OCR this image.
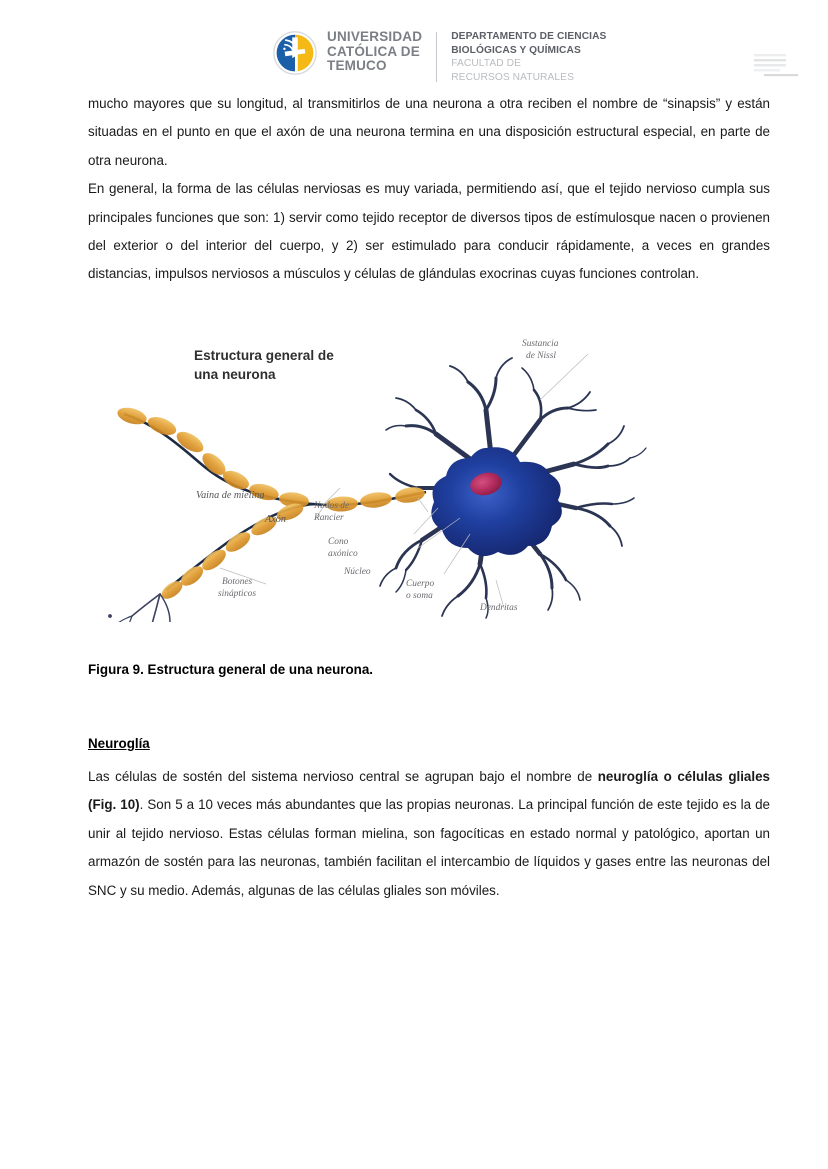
UNIVERSIDAD
CATÓLICA DE
TEMUCO
DEPARTAMENTO DE CIENCIAS
BIOLÓGICAS Y QUÍMICAS
FACULTAD DE
RECURSOS NATURALES

mucho mayores que su longitud, al transmitirlos de una neurona a otra reciben el nombre de “sinapsis” y están situadas en el punto en que el axón de una neurona termina en una disposición estructural especial, en parte de otra neurona.

En general, la forma de las células nerviosas es muy variada, permitiendo así, que el tejido nervioso cumpla sus principales funciones que son: 1) servir como tejido receptor de diversos tipos de estímulosque nacen o provienen del exterior o del interior del cuerpo, y 2) ser estimulado para conducir rápidamente, a veces en grandes distancias, impulsos nerviosos a músculos y células de glándulas exocrinas cuyas funciones controlan.

Estructura general de
una neurona
Sustancia
de Nissl
Vaina de mielina
Axón
Nodos de
Rancier
Cono
axónico
Núcleo
Cuerpo
o soma
Botones
sinápticos
Dendritas

Figura 9. Estructura general de una neurona.

Neuroglía

Las células de sostén del sistema nervioso central se agrupan bajo el nombre de neuroglía o células gliales (Fig. 10). Son 5 a 10 veces más abundantes que las propias neuronas. La principal función de este tejido es la de unir al tejido nervioso. Estas células forman mielina, son fagocíticas en estado normal y patológico, aportan un armazón de sostén para las neuronas, también facilitan el intercambio de líquidos y gases entre las neuronas del SNC y su medio. Además, algunas de las células gliales son móviles.
